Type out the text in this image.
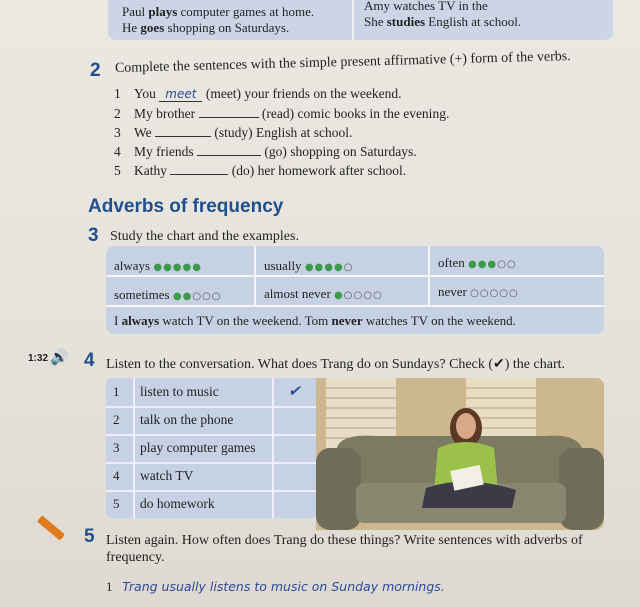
Paul plays computer games at home.
He goes shopping on Saturdays.
Amy watches TV in the
She studies English at school.
2 Complete the sentences with the simple present affirmative (+) form of the verbs.
1 You meet (meet) your friends on the weekend.
2 My brother	(read) comic books in the evening.
3 We	(study) English at school.
4 My friends	(go) shopping on Saturdays.
5 Kathy	(do) her homework after school.
Adverbs of frequency
3 Study the chart and the examples.
always ●●●●●	usually ●●●●○	often ●●●○○
sometimes ●●○○○	almost never ●○○○○	never ○○○○○
I always watch TV on the weekend. Tom never watches TV on the weekend.
1:32 🔊 4 Listen to the conversation. What does Trang do on Sundays? Check (✔) the chart.
1 listen to music	✔
2 talk on the phone
3 play computer games
4 watch TV
5 do homework
5 Listen again. How often does Trang do these things? Write sentences with adverbs of frequency.
1 Trang usually listens to music on Sunday mornings.
